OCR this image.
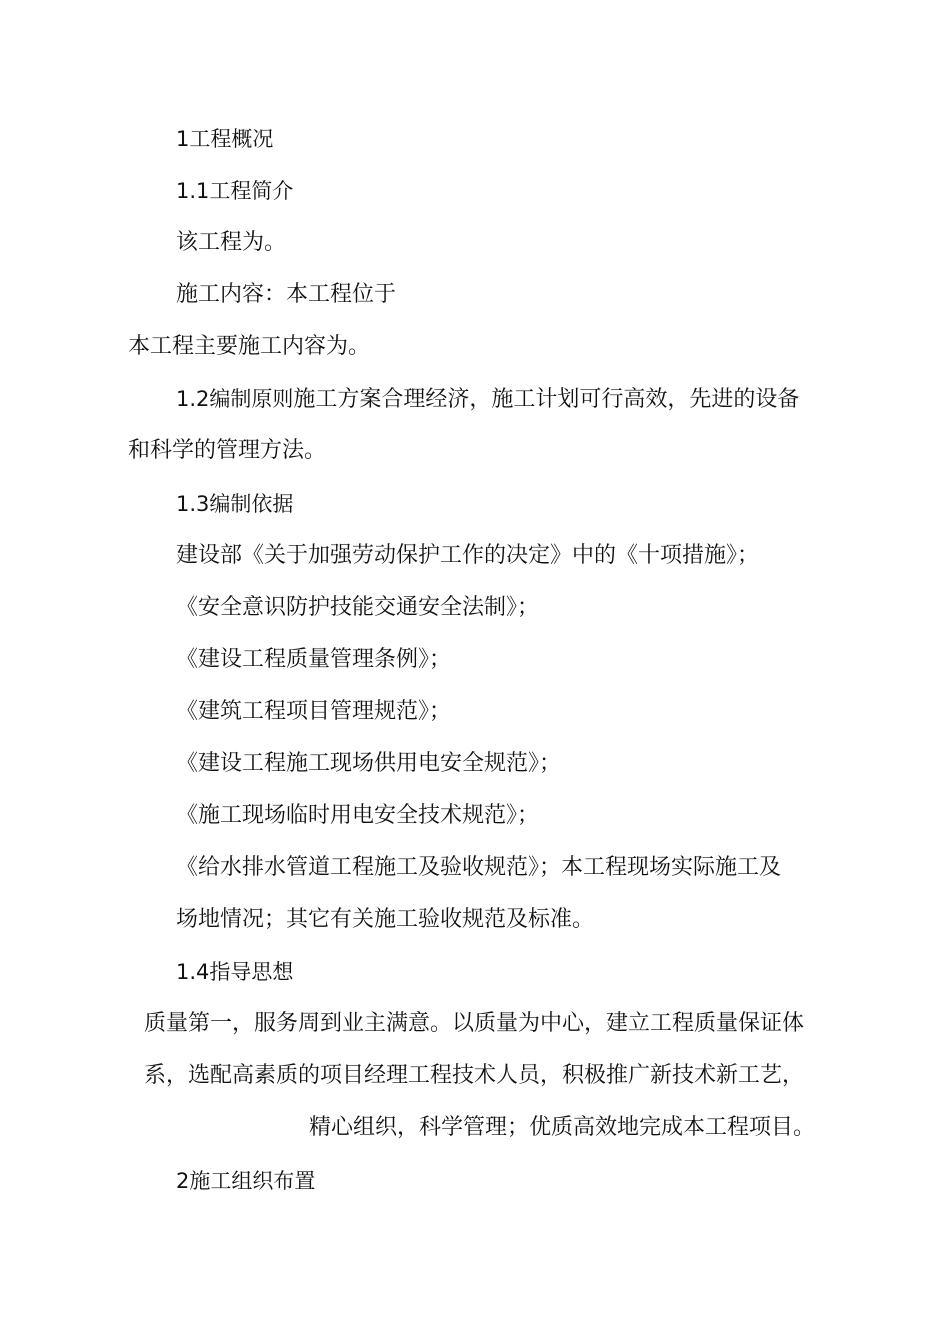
1工程概况

1.1工程简介

该工程为。

施工内容：本工程位于

本工程主要施工内容为。

1.2编制原则施工方案合理经济，施工计划可行高效，先进的设备

和科学的管理方法。

1.3编制依据

建设部《关于加强劳动保护工作的决定》中的《十项措施》；

《安全意识防护技能交通安全法制》；

《建设工程质量管理条例》；

《建筑工程项目管理规范》；

《建设工程施工现场供用电安全规范》；

《施工现场临时用电安全技术规范》；

《给水排水管道工程施工及验收规范》；本工程现场实际施工及

场地情况；其它有关施工验收规范及标准。

1.4指导思想

质量第一，服务周到业主满意。以质量为中心，建立工程质量保证体

系，选配高素质的项目经理工程技术人员，积极推广新技术新工艺，

精心组织，科学管理；优质高效地完成本工程项目。

2施工组织布置
